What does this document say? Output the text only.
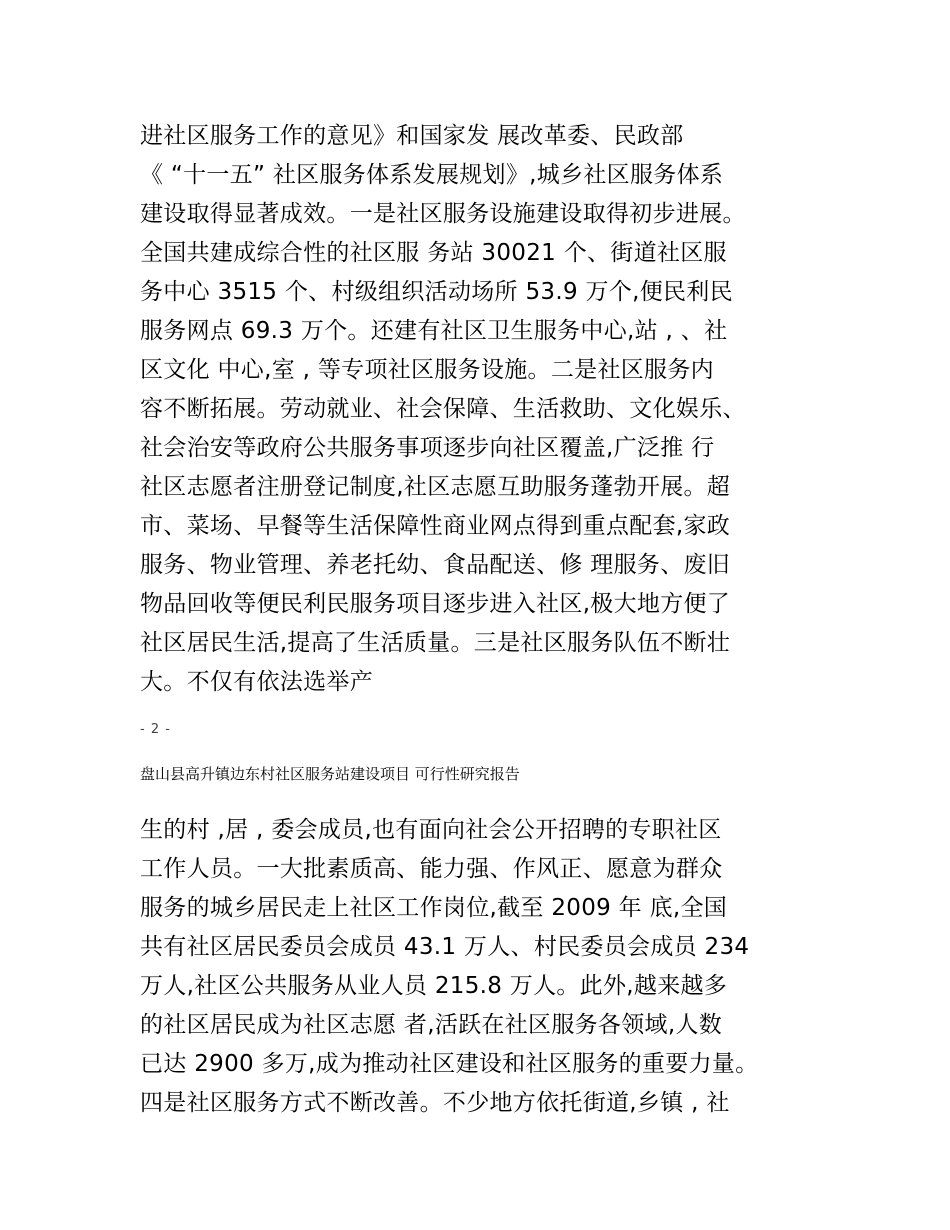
进社区服务工作的意见》和国家发 展改革委、民政部
《 “十一五” 社区服务体系发展规划》,城乡社区服务体系
建设取得显著成效。一是社区服务设施建设取得初步进展。
全国共建成综合性的社区服 务站 30021 个、街道社区服
务中心 3515 个、村级组织活动场所 53.9 万个,便民利民
服务网点 69.3 万个。还建有社区卫生服务中心,站 , 、社
区文化 中心,室 , 等专项社区服务设施。二是社区服务内
容不断拓展。劳动就业、社会保障、生活救助、文化娱乐、
社会治安等政府公共服务事项逐步向社区覆盖,广泛推 行
社区志愿者注册登记制度,社区志愿互助服务蓬勃开展。超
市、菜场、早餐等生活保障性商业网点得到重点配套,家政
服务、物业管理、养老托幼、食品配送、修 理服务、废旧
物品回收等便民利民服务项目逐步进入社区,极大地方便了
社区居民生活,提高了生活质量。三是社区服务队伍不断壮
大。不仅有依法选举产
- 2 -
盘山县高升镇边东村社区服务站建设项目 可行性研究报告
生的村 ,居 , 委会成员,也有面向社会公开招聘的专职社区
工作人员。一大批素质高、能力强、作风正、愿意为群众
服务的城乡居民走上社区工作岗位,截至 2009 年 底,全国
共有社区居民委员会成员 43.1 万人、村民委员会成员 234
万人,社区公共服务从业人员 215.8 万人。此外,越来越多
的社区居民成为社区志愿 者,活跃在社区服务各领域,人数
已达 2900 多万,成为推动社区建设和社区服务的重要力量。
四是社区服务方式不断改善。不少地方依托街道,乡镇 , 社
